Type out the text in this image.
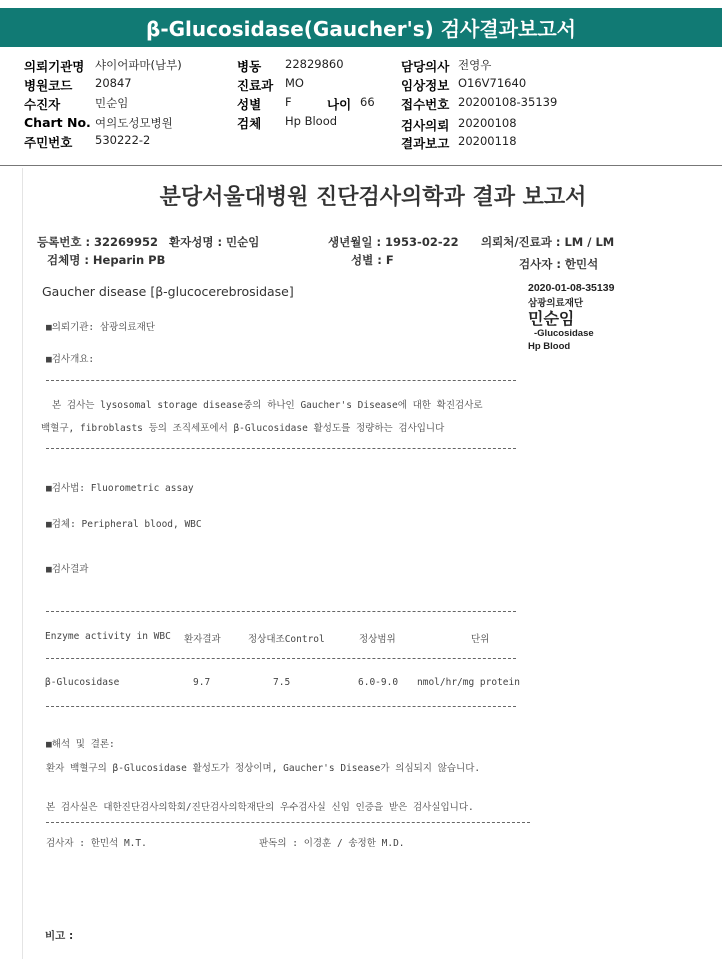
β-Glucosidase(Gaucher's) 검사결과보고서
의뢰기관명 샤이어파마(남부)
병원코드 20847
수진자	민순임
Chart No. 여의도성모병원
주민번호 530222-2
병동 22829860
진료과 MO
성별 F	나이 66
검체 Hp Blood
담당의사 전영우
임상정보 O16V71640
접수번호 20200108-35139
검사의뢰 20200108
결과보고 20200118
분당서울대병원 진단검사의학과 결과 보고서
등록번호 : 32269952 환자성명 : 민순임	생년월일 : 1953-02-22 의뢰처/진료과 : LM / LM
검체명 : Heparin PB	성별 : F	검사자 : 한민석
Gaucher disease [β-glucocerebrosidase]	2020-01-08-35139
삼광의료재단
민순임
-Glucosidase
Hp Blood
■의뢰기관: 삼광의료재단
■검사개요:
본 검사는 lysosomal storage disease중의 하나인 Gaucher's Disease에 대한 확진검사로
백혈구, fibroblasts 등의 조직세포에서 β-Glucosidase 활성도를 정량하는 검사입니다
■검사법: Fluorometric assay
■검체: Peripheral blood, WBC
■검사결과
Enzyme activity in WBC 환자결과	정상대조Control	정상범위	단위
β-Glucosidase	9.7	7.5	6.0-9.0 nmol/hr/mg protein
■해석 및 결론:
환자 백혈구의 β-Glucosidase 활성도가 정상이며, Gaucher's Disease가 의심되지 않습니다.
본 검사실은 대한진단검사의학회/진단검사의학재단의 우수검사실 신임 인증을 받은 검사실입니다.
검사자 : 한민석 M.T.	판독의 : 이경훈 / 송정한 M.D.
비고 :
